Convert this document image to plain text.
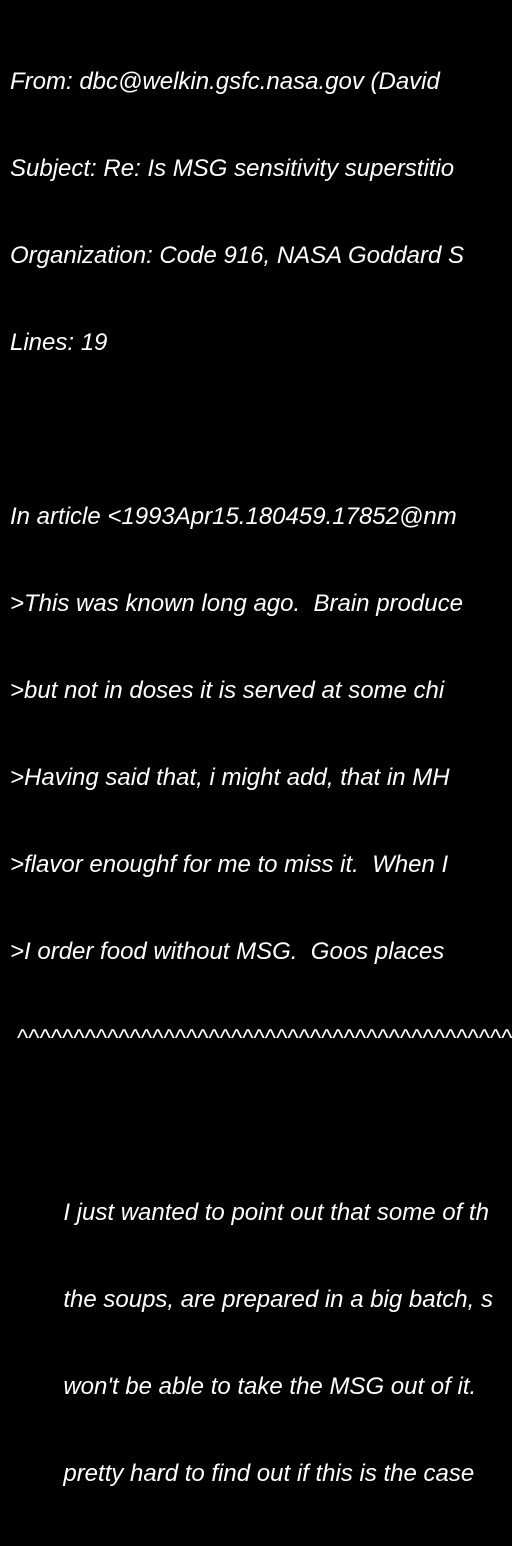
From: dbc@welkin.gsfc.nasa.gov (David

Subject: Re: Is MSG sensitivity superstitio

Organization: Code 916, NASA Goddard S

Lines: 19

In article <1993Apr15.180459.17852@nm

>This was known long ago.  Brain produce

>but not in doses it is served at some chi

>Having said that, i might add, that in MH

>flavor enoughf for me to miss it.  When I

>I order food without MSG.  Goos places

^^^^^^^^^^^^^^^^^^^^^^^^^^^^^^^^^^^^^^^^^^^^

	I just wanted to point out that some of th

	the soups, are prepared in a big batch, s

	won't be able to take the MSG out of it.

	pretty hard to find out if this is the case
